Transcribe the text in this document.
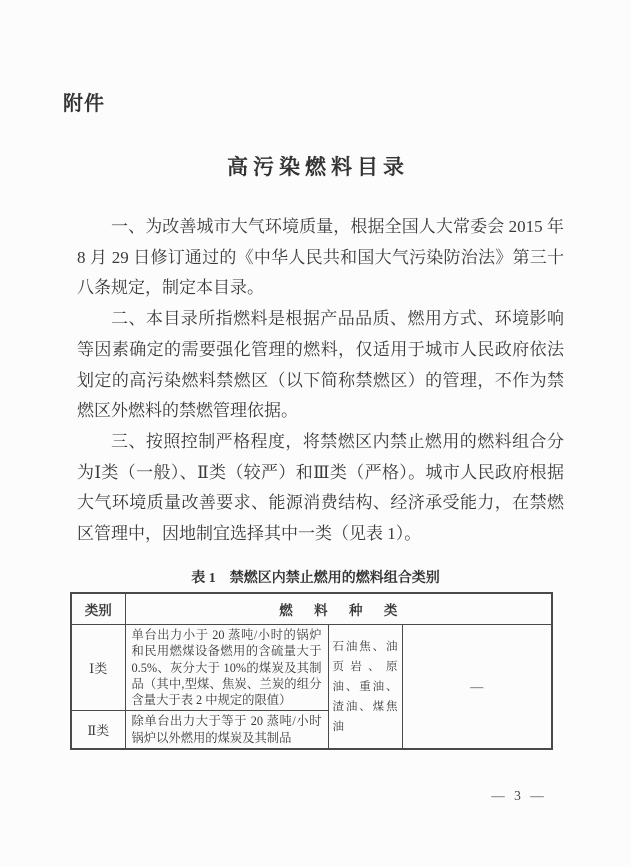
附件
高污染燃料目录

一、为改善城市大气环境质量，根据全国人大常委会 2015 年 8 月 29 日修订通过的《中华人民共和国大气污染防治法》第三十八条规定，制定本目录。

二、本目录所指燃料是根据产品品质、燃用方式、环境影响等因素确定的需要强化管理的燃料，仅适用于城市人民政府依法划定的高污染燃料禁燃区（以下简称禁燃区）的管理，不作为禁燃区外燃料的禁燃管理依据。

三、按照控制严格程度，将禁燃区内禁止燃用的燃料组合分为Ⅰ类（一般）、Ⅱ类（较严）和Ⅲ类（严格）。城市人民政府根据大气环境质量改善要求、能源消费结构、经济承受能力，在禁燃区管理中，因地制宜选择其中一类（见表 1）。

表 1　禁燃区内禁止燃用的燃料组合类别
类别	燃 料 种 类		
Ⅰ类	单台出力小于 20 蒸吨/小时的锅炉和民用燃煤设备燃用的含硫量大于 0.5%、灰分大于 10%的煤炭及其制品（其中,型煤、焦炭、兰炭的组分含量大于表 2 中规定的限值）	石油焦、油页岩、原油、重油、渣油、煤焦油	—
Ⅱ类	除单台出力大于等于 20 蒸吨/小时锅炉以外燃用的煤炭及其制品		
— 3 —
